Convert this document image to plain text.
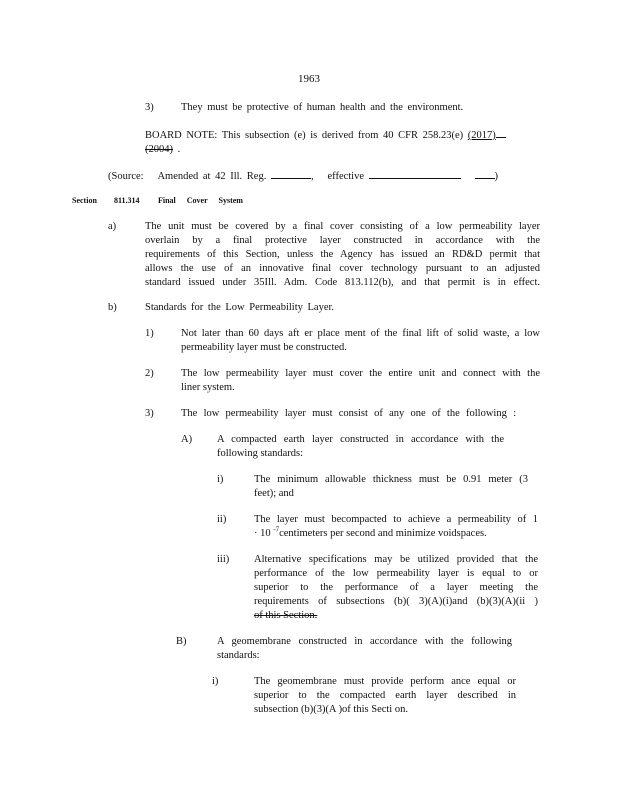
1963
3)	They must be protective of human health and the environment.
BOARD NOTE: This subsection (e) is derived from 40 CFR 258.23(e) (2017)
(2004) .
(Source: Amended at 42 Ill. Reg.	,   effective	)
Section 811.314 Final Cover System
a)	The unit must be covered by a final cover consisting of a low permeability layer
overlain by a final protective layer constructed in accordance with the
requirements of this Section, unless the Agency has issued an RD&D permit that
allows the use of an innovative final cover technology pursuant to an adjusted
standard issued under 35Ill. Adm. Code 813.112(b), and that permit is in effect.
b)	Standards for the Low Permeability Layer.
1)	Not later than 60 days aft er place ment of the final lift of solid waste, a low
permeability layer must be constructed.
2)	The low permeability layer must cover the entire unit and connect with the
liner system.
3)	The low permeability layer must consist of any one of the following :
A) A compacted earth layer constructed in accordance with the
following standards:
i)	The minimum allowable thickness must be 0.91 meter (3
feet); and
ii)	The layer must becompacted to achieve a permeability of 1
· 10 $^{-7}$centimeters per second and minimize voidspaces.
iii) Alternative specifications may be utilized provided that the
performance of the low permeability layer is equal to or
superior to the performance of a layer meeting the
requirements of subsections (b)( 3)(A)(i)and (b)(3)(A)(ii )
of this Section.
B)	A geomembrane constructed in accordance with the following
standards:
i)	The geomembrane must provide perform ance equal or
superior to the compacted earth layer described in
subsection (b)(3)(A )of this Secti on.
